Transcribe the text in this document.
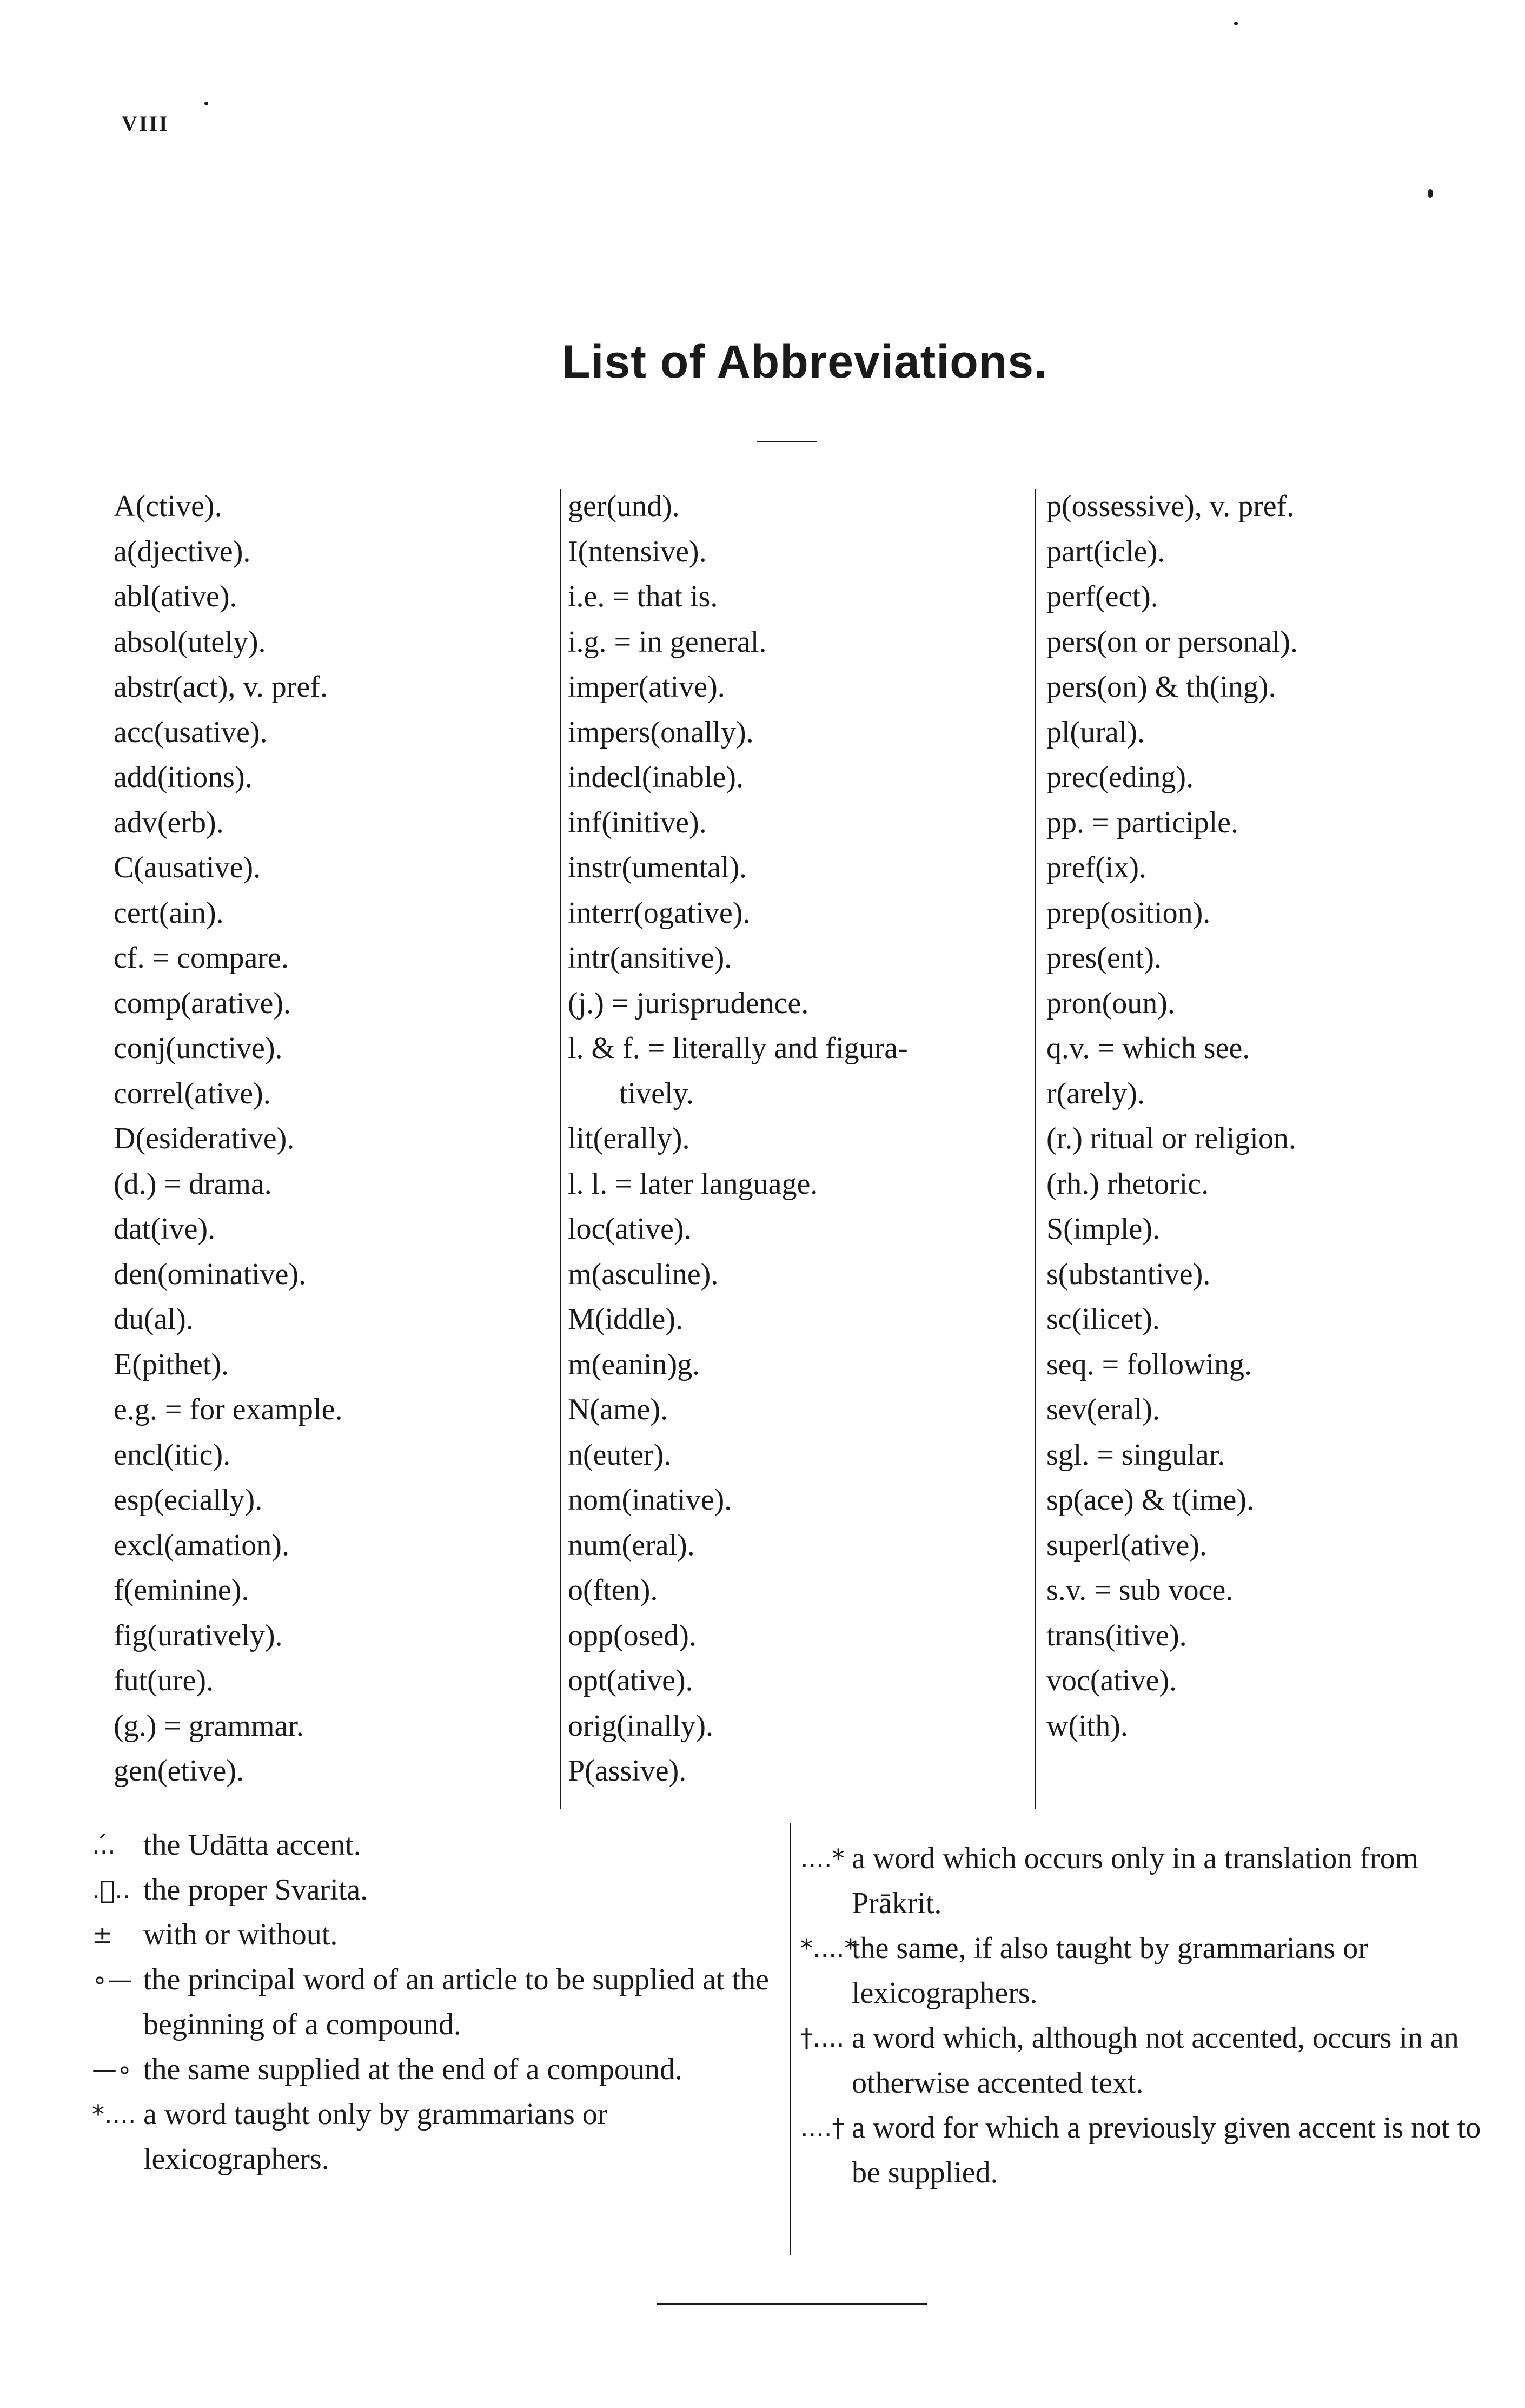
VIII
List of Abbreviations.
A(ctive).
a(djective).
abl(ative).
absol(utely).
abstr(act), v. pref.
acc(usative).
add(itions).
adv(erb).
C(ausative).
cert(ain).
cf. = compare.
comp(arative).
conj(unctive).
correl(ative).
D(esiderative).
(d.) = drama.
dat(ive).
den(ominative).
du(al).
E(pithet).
e.g. = for example.
encl(itic).
esp(ecially).
excl(amation).
f(eminine).
fig(uratively).
fut(ure).
(g.) = grammar.
gen(etive).
ger(und).
I(ntensive).
i.e. = that is.
i.g. = in general.
imper(ative).
impers(onally).
indecl(inable).
inf(initive).
instr(umental).
interr(ogative).
intr(ansitive).
(j.) = jurisprudence.
l. & f. = literally and figura-
tively.
lit(erally).
l. l. = later language.
loc(ative).
m(asculine).
M(iddle).
m(eanin)g.
N(ame).
n(euter).
nom(inative).
num(eral).
o(ften).
opp(osed).
opt(ative).
orig(inally).
P(assive).
p(ossessive), v. pref.
part(icle).
perf(ect).
pers(on or personal).
pers(on) & th(ing).
pl(ural).
prec(eding).
pp. = participle.
pref(ix).
prep(osition).
pres(ent).
pron(oun).
q.v. = which see.
r(arely).
(r.) ritual or religion.
(rh.) rhetoric.
S(imple).
s(ubstantive).
sc(ilicet).
seq. = following.
sev(eral).
sgl. = singular.
sp(ace) & t(ime).
superl(ative).
s.v. = sub voce.
trans(itive).
voc(ative).
w(ith).
..́. the Udātta accent.
.᷍.. the proper Svarita.
±	with or without.
∘— the principal word of an article to be supplied at the beginning of a compound.
—∘ the same supplied at the end of a compound.
*.... a word taught only by grammarians or lexicographers.
....* a word which occurs only in a translation from Prākrit.
*....*
the same, if also taught by grammarians or lexicographers.
†.... a word which, although not accented, occurs in an otherwise accented text.
....† a word for which a previously given accent is not to be supplied.
